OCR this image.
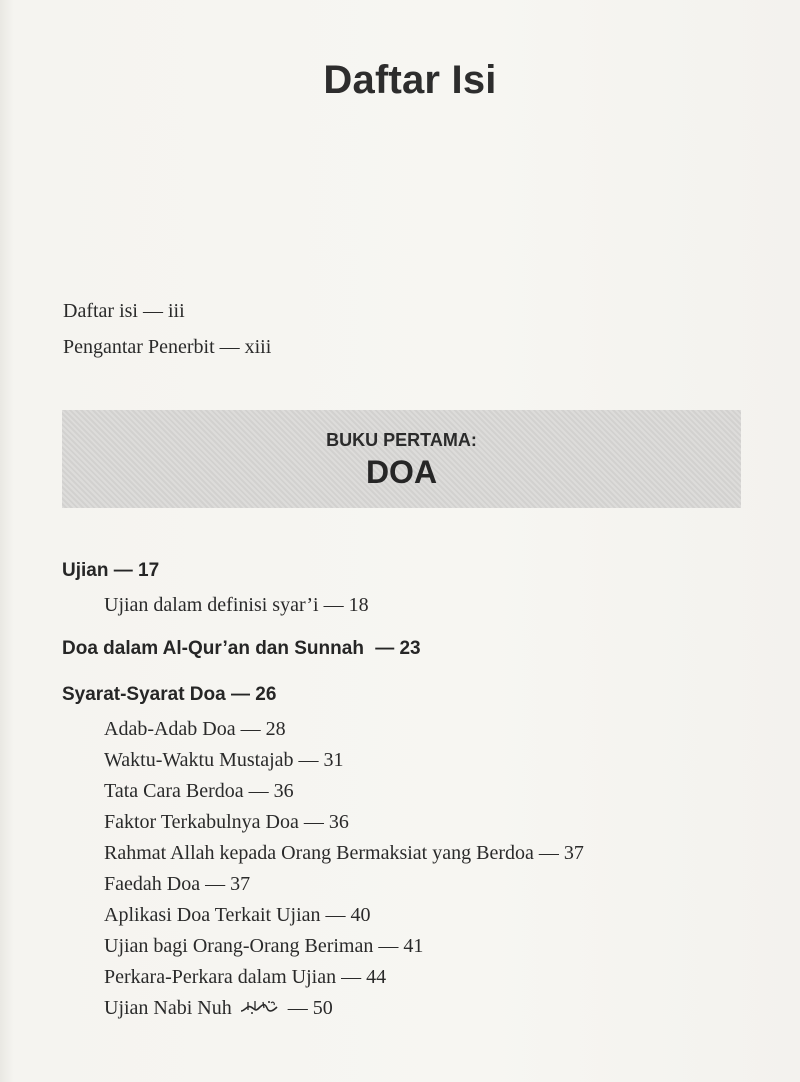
Daftar Isi
Daftar isi — iii
Pengantar Penerbit — xiii
BUKU PERTAMA:
DOA
Ujian — 17
Ujian dalam definisi syar’i — 18
Doa dalam Al-Qur’an dan Sunnah — 23
Syarat-Syarat Doa — 26
Adab-Adab Doa — 28
Waktu-Waktu Mustajab — 31
Tata Cara Berdoa — 36
Faktor Terkabulnya Doa — 36
Rahmat Allah kepada Orang Bermaksiat yang Berdoa — 37
Faedah Doa — 37
Aplikasi Doa Terkait Ujian — 40
Ujian bagi Orang-Orang Beriman — 41
Perkara-Perkara dalam Ujian — 44
Ujian Nabi Nuh	— 50
